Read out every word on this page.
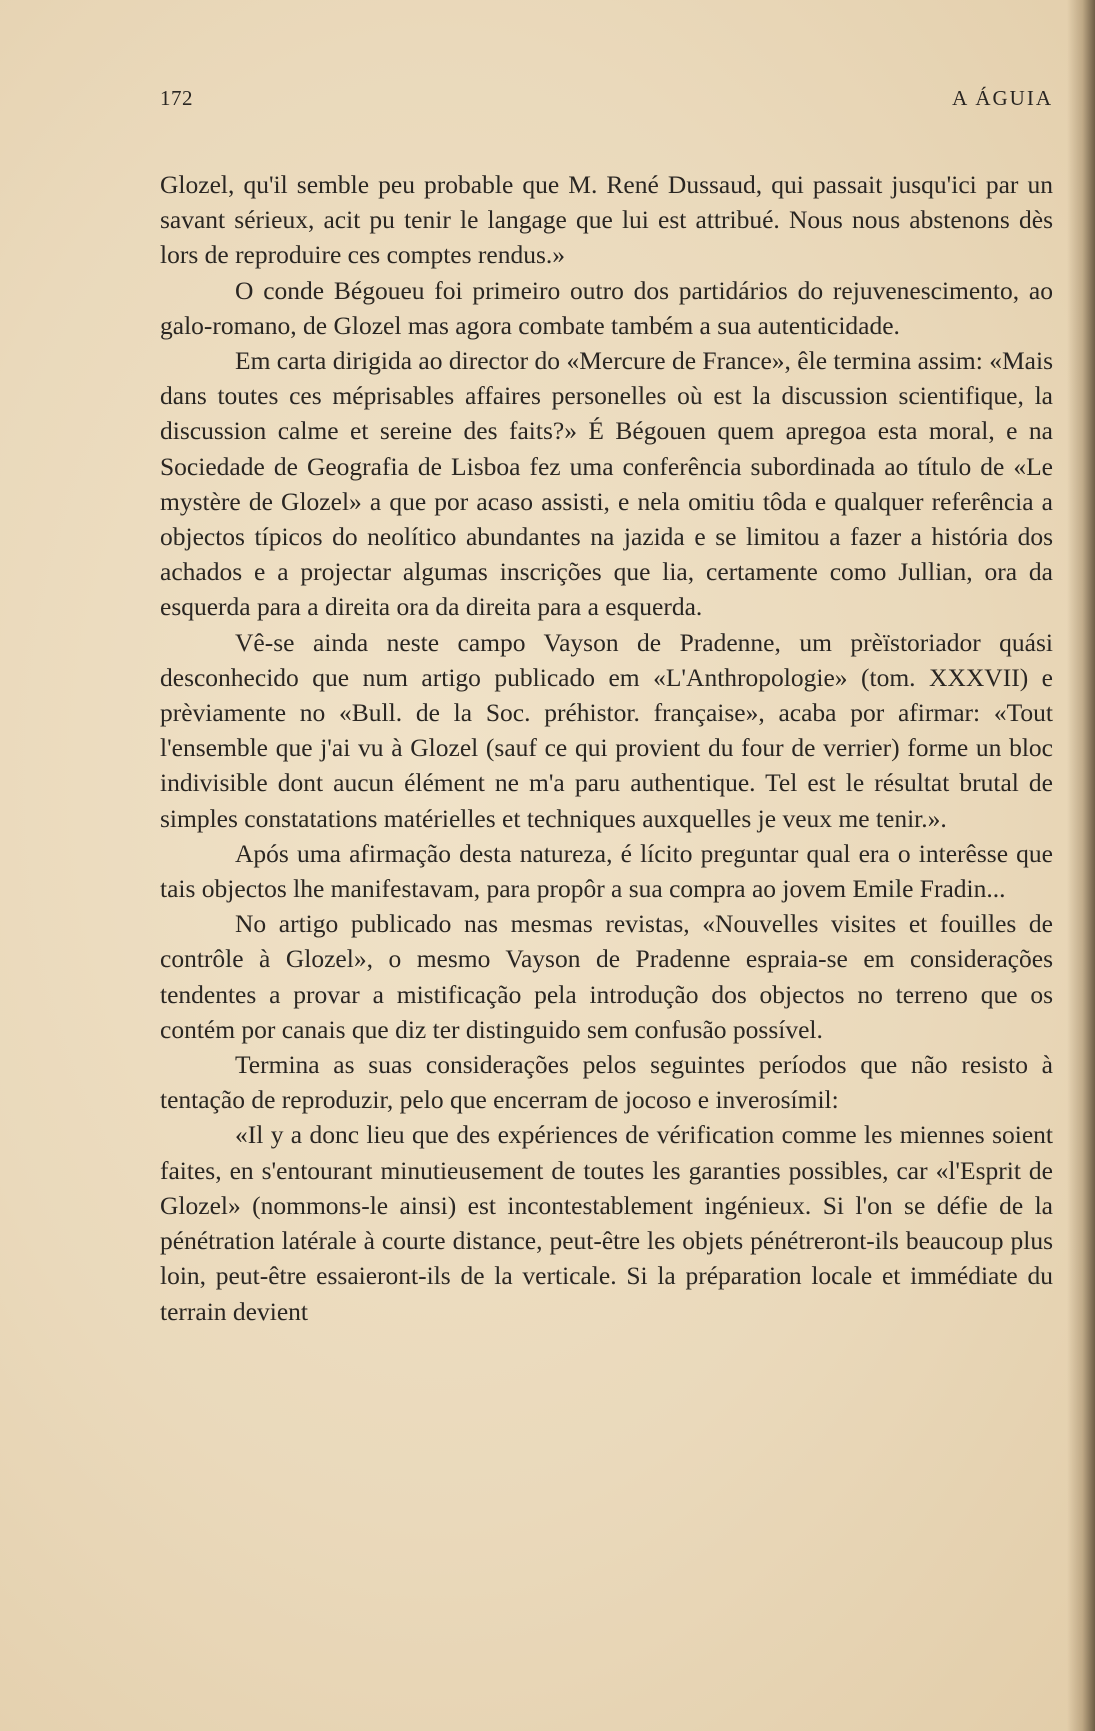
172	A ÁGUIA

Glozel, qu'il semble peu probable que M. René Dussaud, qui passait jusqu'ici par un savant sérieux, acit pu tenir le langage que lui est attribué. Nous nous abstenons dès lors de reproduire ces comptes rendus.»

O conde Bégoueu foi primeiro outro dos partidários do rejuvenescimento, ao galo-romano, de Glozel mas agora combate também a sua autenticidade.

Em carta dirigida ao director do «Mercure de France», êle termina assim: «Mais dans toutes ces méprisables affaires personelles où est la discussion scientifique, la discussion calme et sereine des faits?» É Bégouen quem apregoa esta moral, e na Sociedade de Geografia de Lisboa fez uma conferência subordinada ao título de «Le mystère de Glozel» a que por acaso assisti, e nela omitiu tôda e qualquer referência a objectos típicos do neolítico abundantes na jazida e se limitou a fazer a história dos achados e a projectar algumas inscrições que lia, certamente como Jullian, ora da esquerda para a direita ora da direita para a esquerda.

Vê-se ainda neste campo Vayson de Pradenne, um prèïstoriador quási desconhecido que num artigo publicado em «L'Anthropologie» (tom. XXXVII) e prèviamente no «Bull. de la Soc. préhistor. française», acaba por afirmar: «Tout l'ensemble que j'ai vu à Glozel (sauf ce qui provient du four de verrier) forme un bloc indivisible dont aucun élément ne m'a paru authentique. Tel est le résultat brutal de simples constatations matérielles et techniques auxquelles je veux me tenir.».

Após uma afirmação desta natureza, é lícito preguntar qual era o interêsse que tais objectos lhe manifestavam, para propôr a sua compra ao jovem Emile Fradin...

No artigo publicado nas mesmas revistas, «Nouvelles visites et fouilles de contrôle à Glozel», o mesmo Vayson de Pradenne espraia-se em considerações tendentes a provar a mistificação pela introdução dos objectos no terreno que os contém por canais que diz ter distinguido sem confusão possível.

Termina as suas considerações pelos seguintes períodos que não resisto à tentação de reproduzir, pelo que encerram de jocoso e inverosímil:

«Il y a donc lieu que des expériences de vérification comme les miennes soient faites, en s'entourant minutieusement de toutes les garanties possibles, car «l'Esprit de Glozel» (nommons-le ainsi) est incontestablement ingénieux. Si l'on se défie de la pénétration latérale à courte distance, peut-être les objets pénétreront-ils beaucoup plus loin, peut-être essaieront-ils de la verticale. Si la préparation locale et immédiate du terrain devient
